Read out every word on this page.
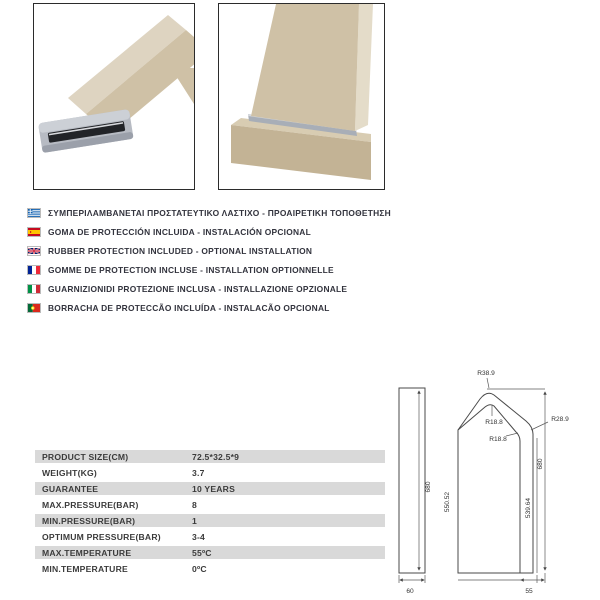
ΣΥΜΠΕΡΙΛΑΜΒΑΝΕΤΑΙ ΠΡΟΣΤΑΤΕΥΤΙΚΟ ΛΑΣΤΙΧΟ - ΠΡΟΑΙΡΕΤΙΚΗ ΤΟΠΟΘΕΤΗΣΗ
GOMA DE PROTECCIÓN INCLUIDA - INSTALACIÓN OPCIONAL
RUBBER PROTECTION INCLUDED - OPTIONAL INSTALLATION
GOMME DE PROTECTION INCLUSE - INSTALLATION OPTIONNELLE
GUARNIZIONIDI PROTEZIONE INCLUSA - INSTALLAZIONE OPZIONALE
BORRACHA DE PROTECCÃO INCLUÍDA - INSTALACÃO OPCIONAL
PRODUCT SIZE(CM)	72.5*32.5*9
WEIGHT(KG)	3.7
GUARANTEE	10 YEARS
MAX.PRESSURE(BAR)	8
MIN.PRESSURE(BAR)	1
OPTIMUM PRESSURE(BAR)	3-4
MAX.TEMPERATURE	55ºC
MIN.TEMPERATURE	0ºC
680
60
550.52	539.64
680
55
R38.9
R18.8
R18.8
R28.9
